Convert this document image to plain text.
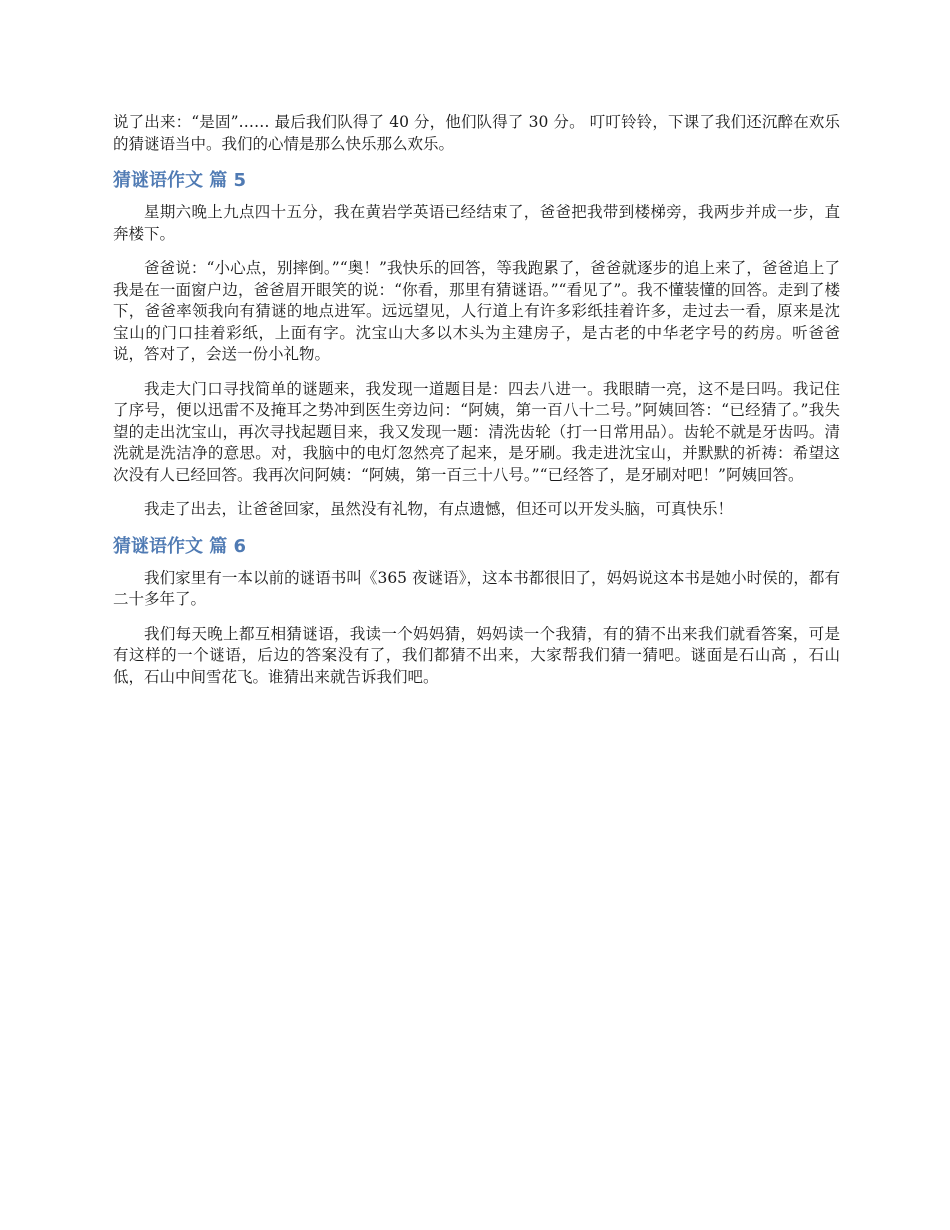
说了出来：“是固”…… 最后我们队得了 40 分，他们队得了 30 分。 叮叮铃铃，下课了我们还沉醉在欢乐的猜谜语当中。我们的心情是那么快乐那么欢乐。

猜谜语作文 篇 5

星期六晚上九点四十五分，我在黄岩学英语已经结束了，爸爸把我带到楼梯旁，我两步并成一步，直奔楼下。

爸爸说：“小心点，别摔倒。”“奥！”我快乐的回答，等我跑累了，爸爸就逐步的追上来了，爸爸追上了我是在一面窗户边，爸爸眉开眼笑的说：“你看，那里有猜谜语。”“看见了”。我不懂装懂的回答。走到了楼下，爸爸率领我向有猜谜的地点进军。远远望见，人行道上有许多彩纸挂着许多，走过去一看，原来是沈宝山的门口挂着彩纸，上面有字。沈宝山大多以木头为主建房子，是古老的中华老字号的药房。听爸爸说，答对了，会送一份小礼物。

我走大门口寻找简单的谜题来，我发现一道题目是：四去八进一。我眼睛一亮，这不是曰吗。我记住了序号，便以迅雷不及掩耳之势冲到医生旁边问：“阿姨，第一百八十二号。”阿姨回答：“已经猜了。”我失望的走出沈宝山，再次寻找起题目来，我又发现一题：清洗齿轮（打一日常用品）。齿轮不就是牙齿吗。清洗就是洗洁净的意思。对，我脑中的电灯忽然亮了起来，是牙刷。我走进沈宝山，并默默的祈祷：希望这次没有人已经回答。我再次问阿姨：“阿姨，第一百三十八号。”“已经答了，是牙刷对吧！”阿姨回答。

我走了出去，让爸爸回家，虽然没有礼物，有点遗憾，但还可以开发头脑，可真快乐！

猜谜语作文 篇 6

我们家里有一本以前的谜语书叫《365 夜谜语》，这本书都很旧了，妈妈说这本书是她小时侯的，都有二十多年了。

我们每天晚上都互相猜谜语，我读一个妈妈猜，妈妈读一个我猜，有的猜不出来我们就看答案，可是有这样的一个谜语，后边的答案没有了，我们都猜不出来，大家帮我们猜一猜吧。谜面是石山高 ，石山低，石山中间雪花飞。谁猜出来就告诉我们吧。
